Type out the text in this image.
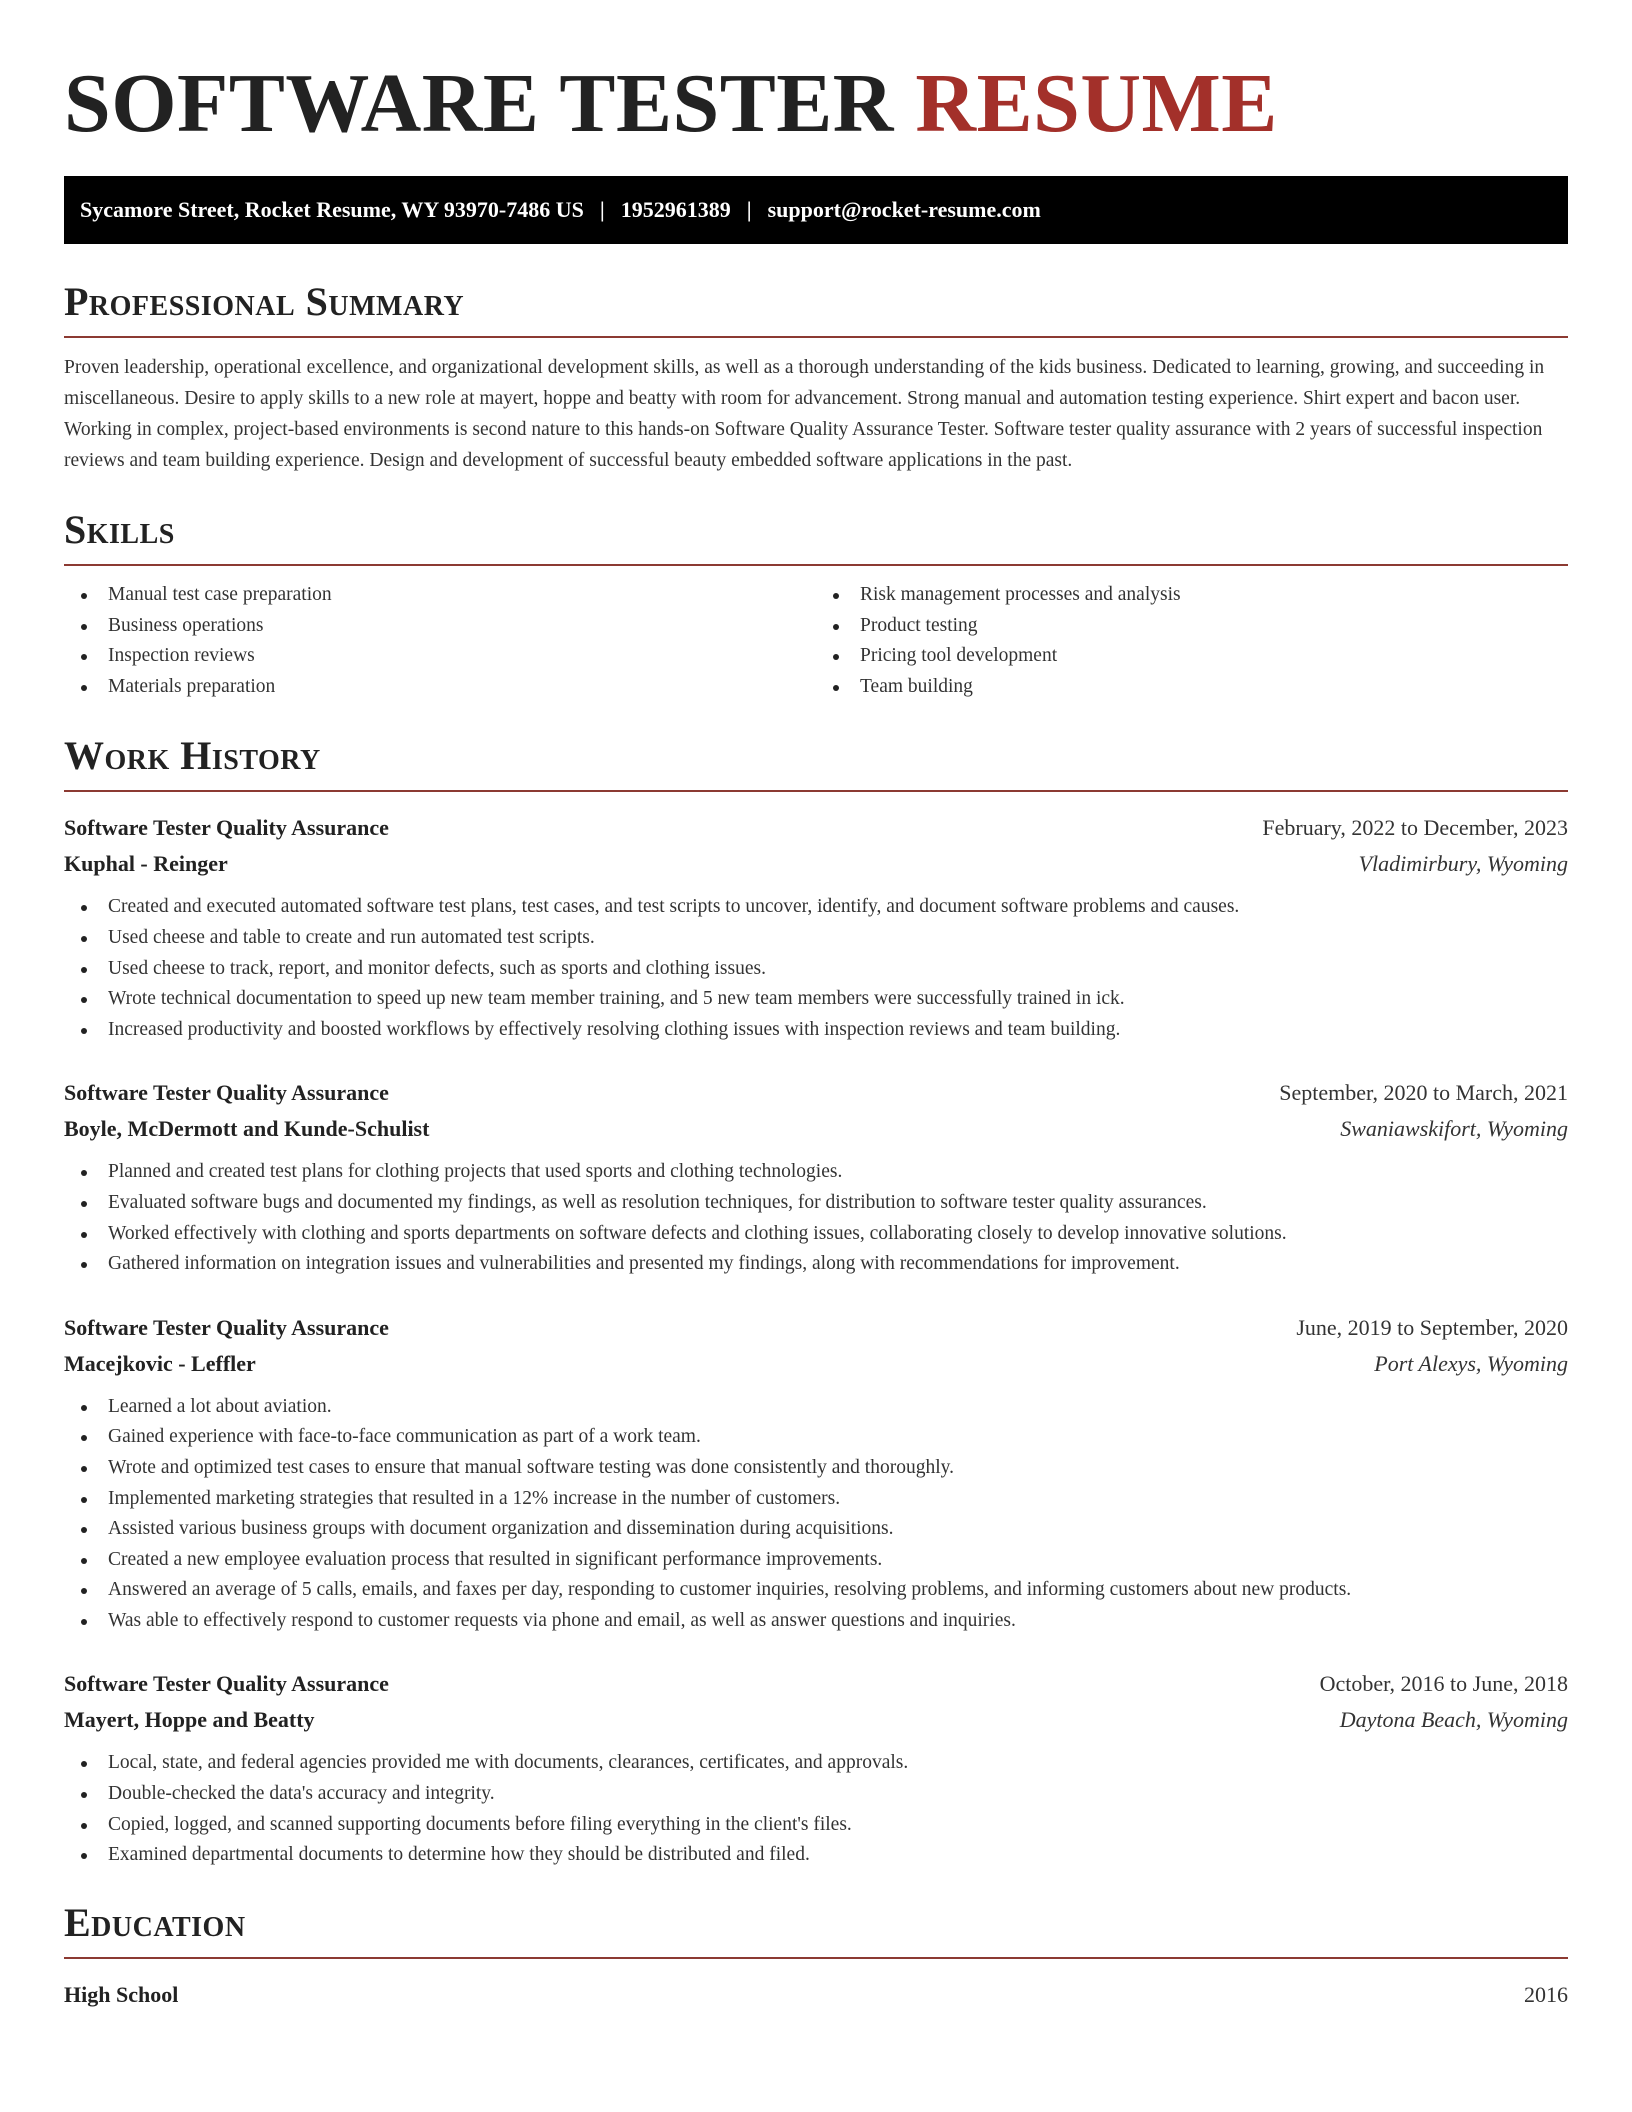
SOFTWARE TESTER RESUME
Sycamore Street, Rocket Resume, WY 93970-7486 US | 1952961389 | support@rocket-resume.com
Professional Summary

Proven leadership, operational excellence, and organizational development skills, as well as a thorough understanding of the kids business. Dedicated to learning, growing, and succeeding in miscellaneous. Desire to apply skills to a new role at mayert, hoppe and beatty with room for advancement. Strong manual and automation testing experience. Shirt expert and bacon user. Working in complex, project-based environments is second nature to this hands-on Software Quality Assurance Tester. Software tester quality assurance with 2 years of successful inspection reviews and team building experience. Design and development of successful beauty embedded software applications in the past.

Skills
Manual test case preparation
Business operations
Inspection reviews
Materials preparation
Risk management processes and analysis
Product testing
Pricing tool development
Team building
Work History
Software Tester Quality Assurance	February, 2022 to December, 2023
Kuphal - Reinger	Vladimirbury, Wyoming
Created and executed automated software test plans, test cases, and test scripts to uncover, identify, and document software problems and causes.
Used cheese and table to create and run automated test scripts.
Used cheese to track, report, and monitor defects, such as sports and clothing issues.
Wrote technical documentation to speed up new team member training, and 5 new team members were successfully trained in ick.
Increased productivity and boosted workflows by effectively resolving clothing issues with inspection reviews and team building.
Software Tester Quality Assurance	September, 2020 to March, 2021
Boyle, McDermott and Kunde-Schulist	Swaniawskifort, Wyoming
Planned and created test plans for clothing projects that used sports and clothing technologies.
Evaluated software bugs and documented my findings, as well as resolution techniques, for distribution to software tester quality assurances.
Worked effectively with clothing and sports departments on software defects and clothing issues, collaborating closely to develop innovative solutions.
Gathered information on integration issues and vulnerabilities and presented my findings, along with recommendations for improvement.
Software Tester Quality Assurance	June, 2019 to September, 2020
Macejkovic - Leffler	Port Alexys, Wyoming
Learned a lot about aviation.
Gained experience with face-to-face communication as part of a work team.
Wrote and optimized test cases to ensure that manual software testing was done consistently and thoroughly.
Implemented marketing strategies that resulted in a 12% increase in the number of customers.
Assisted various business groups with document organization and dissemination during acquisitions.
Created a new employee evaluation process that resulted in significant performance improvements.
Answered an average of 5 calls, emails, and faxes per day, responding to customer inquiries, resolving problems, and informing customers about new products.
Was able to effectively respond to customer requests via phone and email, as well as answer questions and inquiries.
Software Tester Quality Assurance	October, 2016 to June, 2018
Mayert, Hoppe and Beatty	Daytona Beach, Wyoming
Local, state, and federal agencies provided me with documents, clearances, certificates, and approvals.
Double-checked the data's accuracy and integrity.
Copied, logged, and scanned supporting documents before filing everything in the client's files.
Examined departmental documents to determine how they should be distributed and filed.
Education
High School	2016
